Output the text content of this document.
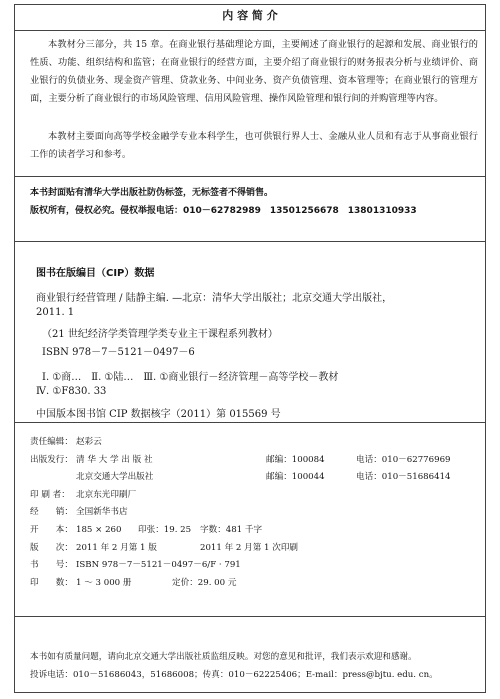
内 容 简 介

本教材分三部分，共 15 章。在商业银行基础理论方面，主要阐述了商业银行的起源和发展、商业银行的性质、功能、组织结构和监管；在商业银行的经营方面，主要介绍了商业银行的财务报表分析与业绩评价、商业银行的负债业务、现金资产管理、贷款业务、中间业务、资产负债管理、资本管理等；在商业银行的管理方面，主要分析了商业银行的市场风险管理、信用风险管理、操作风险管理和银行间的并购管理等内容。

本教材主要面向高等学校金融学专业本科学生，也可供银行界人士、金融从业人员和有志于从事商业银行工作的读者学习和参考。

本书封面贴有清华大学出版社防伪标签，无标签者不得销售。
版权所有，侵权必究。侵权举报电话：010－62782989　13501256678　13801310933
图书在版编目（CIP）数据
商业银行经营管理 / 陆静主编. —北京：清华大学出版社；北京交通大学出版社，
2011. 1
（21 世纪经济学类管理学类专业主干课程系列教材）
ISBN 978－7－5121－0497－6
Ⅰ. ①商…　Ⅱ. ①陆…　Ⅲ. ①商业银行－经济管理－高等学校－教材
Ⅳ. ①F830. 33
中国版本图书馆 CIP 数据核字（2011）第 015569 号
责任编辑： 赵彩云
出版发行： 清 华 大 学 出 版 社	邮编：100084	电话：010－62776969
北京交通大学出版社	邮编：100044	电话：010－51686414
印 刷 者： 北京东光印刷厂
经　　销： 全国新华书店
开　　本： 185 × 260	印张：19. 25	字数：481 千字
版　　次： 2011 年 2 月第 1 版	2011 年 2 月第 1 次印刷
书　　号： ISBN 978－7－5121－0497－6/F · 791
印　　数： 1 ～ 3 000 册	定价：29. 00 元
本书如有质量问题，请向北京交通大学出版社质监组反映。对您的意见和批评，我们表示欢迎和感谢。
投诉电话：010－51686043，51686008；传真：010－62225406；E-mail：press@bjtu. edu. cn。
